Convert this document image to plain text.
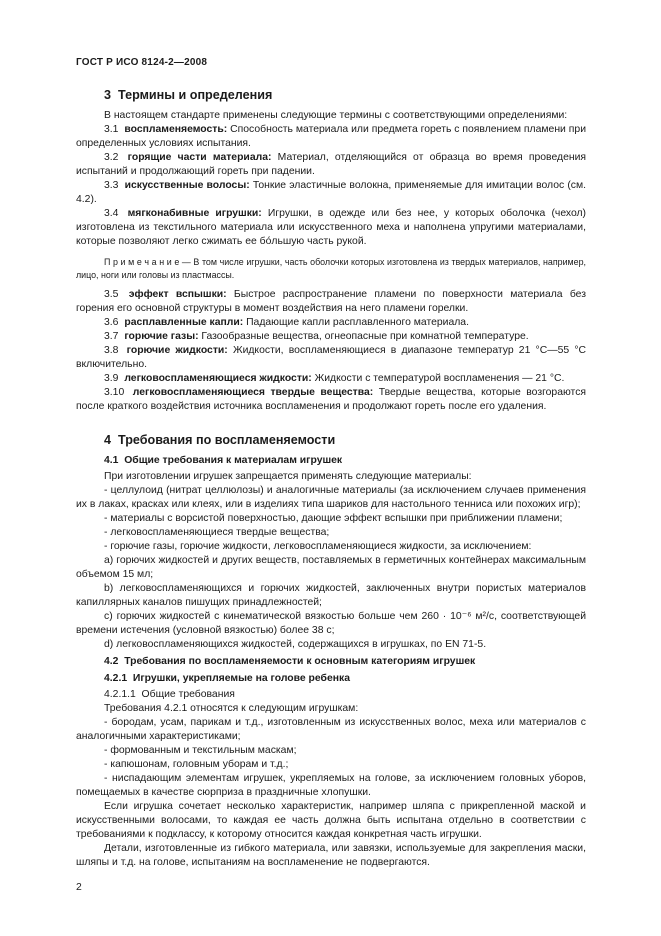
ГОСТ Р ИСО 8124-2—2008
3  Термины и определения

В настоящем стандарте применены следующие термины с соответствующими определениями:

3.1 воспламеняемость: Способность материала или предмета гореть с появлением пламени при определенных условиях испытания.

3.2 горящие части материала: Материал, отделяющийся от образца во время проведения испытаний и продолжающий гореть при падении.

3.3 искусственные волосы: Тонкие эластичные волокна, применяемые для имитации волос (см. 4.2).

3.4 мягконабивные игрушки: Игрушки, в одежде или без нее, у которых оболочка (чехол) изготовлена из текстильного материала или искусственного меха и наполнена упругими материалами, которые позволяют легко сжимать ее бо́льшую часть рукой.

П р и м е ч а н и е — В том числе игрушки, часть оболочки которых изготовлена из твердых материалов, например, лицо, ноги или головы из пластмассы.

3.5 эффект вспышки: Быстрое распространение пламени по поверхности материала без горения его основной структуры в момент воздействия на него пламени горелки.

3.6 расплавленные капли: Падающие капли расплавленного материала.

3.7 горючие газы: Газообразные вещества, огнеопасные при комнатной температуре.

3.8 горючие жидкости: Жидкости, воспламеняющиеся в диапазоне температур 21 °С—55 °С включительно.

3.9 легковоспламеняющиеся жидкости: Жидкости с температурой воспламенения — 21 °С.

3.10 легковоспламеняющиеся твердые вещества: Твердые вещества, которые возгораются после краткого воздействия источника воспламенения и продолжают гореть после его удаления.

4  Требования по воспламеняемости
4.1  Общие требования к материалам игрушек

При изготовлении игрушек запрещается применять следующие материалы:

- целлулоид (нитрат целлюлозы) и аналогичные материалы (за исключением случаев применения их в лаках, красках или клеях, или в изделиях типа шариков для настольного тенниса или похожих игр);

- материалы с ворсистой поверхностью, дающие эффект вспышки при приближении пламени;

- легковоспламеняющиеся твердые вещества;

- горючие газы, горючие жидкости, легковоспламеняющиеся жидкости, за исключением:

a) горючих жидкостей и других веществ, поставляемых в герметичных контейнерах максимальным объемом 15 мл;

b) легковоспламеняющихся и горючих жидкостей, заключенных внутри пористых материалов капиллярных каналов пишущих принадлежностей;

c) горючих жидкостей с кинематической вязкостью больше чем 260 · 10⁻⁶ м²/с, соответствующей времени истечения (условной вязкостью) более 38 с;

d) легковоспламеняющихся жидкостей, содержащихся в игрушках, по EN 71-5.

4.2  Требования по воспламеняемости к основным категориям игрушек
4.2.1  Игрушки, укрепляемые на голове ребенка

4.2.1.1  Общие требования

Требования 4.2.1 относятся к следующим игрушкам:

- бородам, усам, парикам и т.д., изготовленным из искусственных волос, меха или материалов с аналогичными характеристиками;

- формованным и текстильным маскам;

- капюшонам, головным уборам и т.д.;

- ниспадающим элементам игрушек, укрепляемых на голове, за исключением головных уборов, помещаемых в качестве сюрприза в праздничные хлопушки.

Если игрушка сочетает несколько характеристик, например шляпа с прикрепленной маской и искусственными волосами, то каждая ее часть должна быть испытана отдельно в соответствии с требованиями к подклассу, к которому относится каждая конкретная часть игрушки.

Детали, изготовленные из гибкого материала, или завязки, используемые для закрепления маски, шляпы и т.д. на голове, испытаниям на воспламенение не подвергаются.

2
